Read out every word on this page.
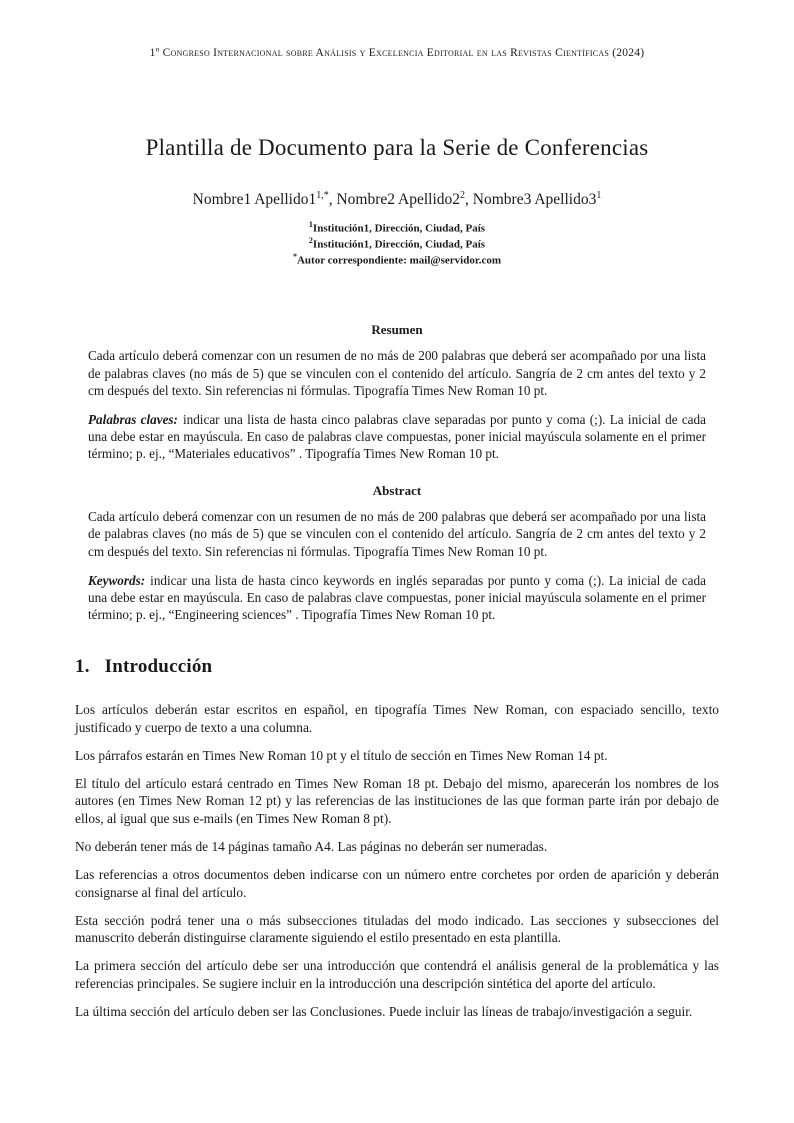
1º Congreso Internacional sobre Análisis y Excelencia Editorial en las Revistas Científicas (2024)
Plantilla de Documento para la Serie de Conferencias
Nombre1 $Apellido1^{1,*}$, Nombre2 $Apellido2^2$, Nombre3 $Apellido3^1$
$^1$Institución1, Dirección, Ciudad, País
$^2$Institución1, Dirección, Ciudad, País
*Autor correspondiente: mail@servidor.com
Resumen

Cada artículo deberá comenzar con un resumen de no más de 200 palabras que deberá ser acompañado por una lista de palabras claves (no más de 5) que se vinculen con el contenido del artículo. Sangría de 2 cm antes del texto y 2 cm después del texto. Sin referencias ni fórmulas. Tipografía Times New Roman 10 pt.

Palabras claves: indicar una lista de hasta cinco palabras clave separadas por punto y coma (;). La inicial de cada una debe estar en mayúscula. En caso de palabras clave compuestas, poner inicial mayúscula solamente en el primer término; p. ej., “Materiales educativos” . Tipografía Times New Roman 10 pt.

Abstract

Cada artículo deberá comenzar con un resumen de no más de 200 palabras que deberá ser acompañado por una lista de palabras claves (no más de 5) que se vinculen con el contenido del artículo. Sangría de 2 cm antes del texto y 2 cm después del texto. Sin referencias ni fórmulas. Tipografía Times New Roman 10 pt.

Keywords: indicar una lista de hasta cinco keywords en inglés separadas por punto y coma (;). La inicial de cada una debe estar en mayúscula. En caso de palabras clave compuestas, poner inicial mayúscula solamente en el primer término; p. ej., “Engineering sciences” . Tipografía Times New Roman 10 pt.

1. Introducción

Los artículos deberán estar escritos en español, en tipografía Times New Roman, con espaciado sencillo, texto justificado y cuerpo de texto a una columna.

Los párrafos estarán en Times New Roman 10 pt y el título de sección en Times New Roman 14 pt.

El título del artículo estará centrado en Times New Roman 18 pt. Debajo del mismo, aparecerán los nombres de los autores (en Times New Roman 12 pt) y las referencias de las instituciones de las que forman parte irán por debajo de ellos, al igual que sus e-mails (en Times New Roman 8 pt).

No deberán tener más de 14 páginas tamaño A4. Las páginas no deberán ser numeradas.

Las referencias a otros documentos deben indicarse con un número entre corchetes por orden de aparición y deberán consignarse al final del artículo.

Esta sección podrá tener una o más subsecciones tituladas del modo indicado. Las secciones y subsecciones del manuscrito deberán distinguirse claramente siguiendo el estilo presentado en esta plantilla.

La primera sección del artículo debe ser una introducción que contendrá el análisis general de la problemática y las referencias principales. Se sugiere incluir en la introducción una descripción sintética del aporte del artículo.

La última sección del artículo deben ser las Conclusiones. Puede incluir las líneas de trabajo/investigación a seguir.
